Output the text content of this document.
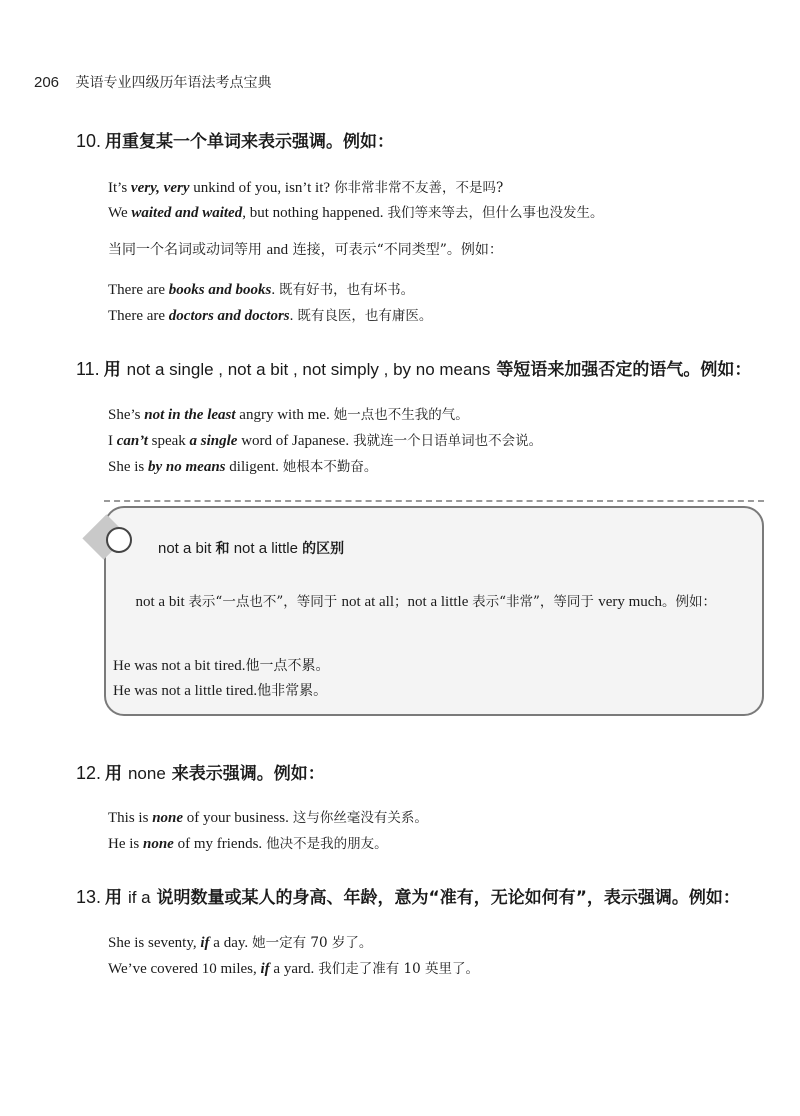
206 英语专业四级历年语法考点宝典
10. 用重复某一个单词来表示强调。例如：
It’s very, very unkind of you, isn’t it? 你非常非常不友善，不是吗?
We waited and waited, but nothing happened. 我们等来等去，但什么事也没发生。
当同一个名词或动词等用 and 连接，可表示“不同类型”。例如：
There are books and books. 既有好书，也有坏书。
There are doctors and doctors. 既有良医，也有庸医。
11. 用 not a single , not a bit , not simply , by no means 等短语来加强否定的语气。例如：
She’s not in the least angry with me. 她一点也不生我的气。
I can’t speak a single word of Japanese. 我就连一个日语单词也不会说。
She is by no means diligent. 她根本不勤奋。
not a bit 和 not a little 的区别
not a bit 表示“一点也不”，等同于 not at all；not a little 表示“非常”，等同于 very much。例如：
He was not a bit tired.他一点不累。
He was not a little tired.他非常累。
12. 用 none 来表示强调。例如：
This is none of your business. 这与你丝毫没有关系。
He is none of my friends. 他决不是我的朋友。
13. 用 if a 说明数量或某人的身高、年龄，意为“准有，无论如何有”，表示强调。例如：
She is seventy, if a day. 她一定有 70 岁了。
We’ve covered 10 miles, if a yard. 我们走了准有 10 英里了。
